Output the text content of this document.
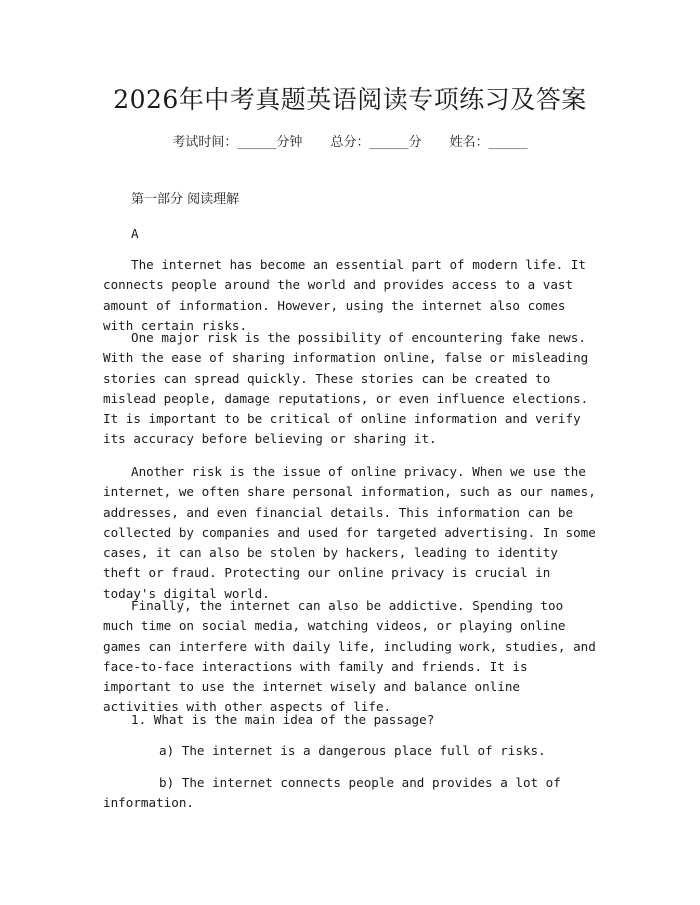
2026年中考真题英语阅读专项练习及答案
考试时间：______分钟 总分：______分 姓名：______
第一部分 阅读理解
A
The internet has become an essential part of modern life. It connects people around the world and provides access to a vast amount of information. However, using the internet also comes with certain risks.
One major risk is the possibility of encountering fake news. With the ease of sharing information online, false or misleading stories can spread quickly. These stories can be created to mislead people, damage reputations, or even influence elections. It is important to be critical of online information and verify its accuracy before believing or sharing it.
Another risk is the issue of online privacy. When we use the internet, we often share personal information, such as our names, addresses, and even financial details. This information can be collected by companies and used for targeted advertising. In some cases, it can also be stolen by hackers, leading to identity theft or fraud. Protecting our online privacy is crucial in today's digital world.
Finally, the internet can also be addictive. Spending too much time on social media, watching videos, or playing online games can interfere with daily life, including work, studies, and face-to-face interactions with family and friends. It is important to use the internet wisely and balance online activities with other aspects of life.
1. What is the main idea of the passage?
a) The internet is a dangerous place full of risks.
b) The internet connects people and provides a lot of information.
